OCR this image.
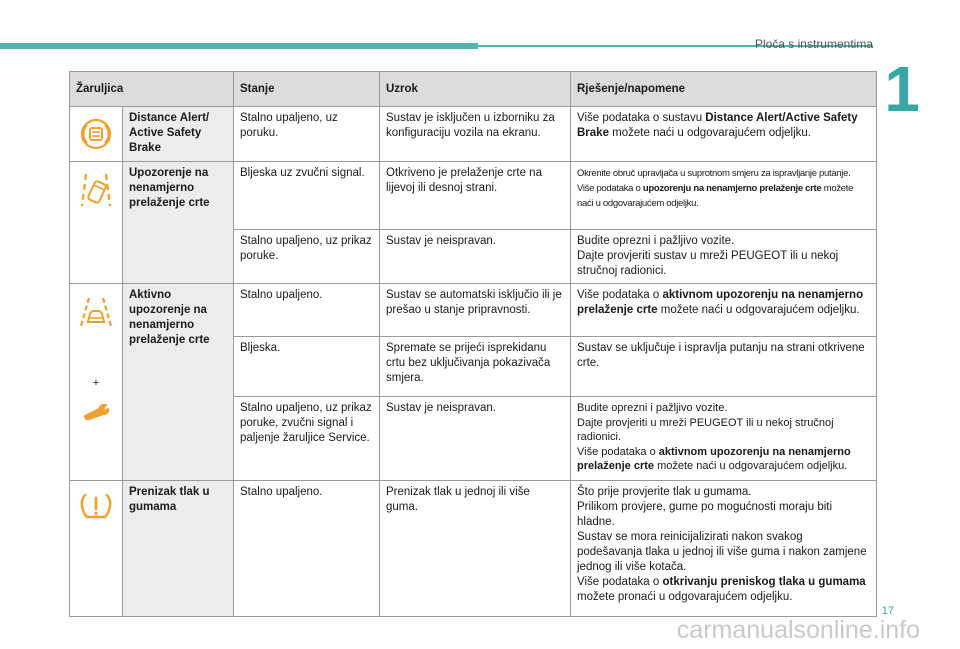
Ploča s instrumentima
1
Žaruljica		Stanje	Uzrok	Rješenje/napomene

	Distance Alert/ Active Safety Brake	Stalno upaljeno, uz poruku.	Sustav je isključen u izborniku za konfiguraciju vozila na ekranu.	Više podataka o sustavu Distance Alert/Active Safety Brake možete naći u odgovarajućem odjeljku.

	Upozorenje na nenamjerno prelaženje crte	Bljeska uz zvučni signal.	Otkriveno je prelaženje crte na lijevoj ili desnoj strani.	Okrenite obruč upravljača u suprotnom smjeru za ispravljanje putanje.
Više podataka o upozorenju na nenamjerno prelaženje crte možete naći u odgovarajućem odjeljku.
		Stalno upaljeno, uz prikaz poruke.	Sustav je neispravan.	Budite oprezni i pažljivo vozite.
Dajte provjeriti sustav u mreži PEUGEOT ili u nekoj stručnoj radionici.

+	Aktivno upozorenje na nenamjerno prelaženje crte	Stalno upaljeno.	Sustav se automatski isključio ili je prešao u stanje pripravnosti.	Više podataka o aktivnom upozorenju na nenamjerno prelaženje crte možete naći u odgovarajućem odjeljku.
		Bljeska.	Sprematе se prijeći isprekidanu crtu bez uključivanja pokazivača smjera.	Sustav se uključuje i ispravlja putanju na strani otkrivene crte.
		Stalno upaljeno, uz prikaz poruke, zvučni signal i paljenje žaruljice Service.	Sustav je neispravan.	Budite oprezni i pažljivo vozite.
Dajte provjeriti u mreži PEUGEOT ili u nekoj stručnoj radionici.
Više podataka o aktivnom upozorenju na nenamjerno prelaženje crte možete naći u odgovarajućem odjeljku.

	Prenizak tlak u gumama	Stalno upaljeno.	Prenizak tlak u jednoj ili više guma.	Što prije provjerite tlak u gumama.
Prilikom provjere, gume po mogućnosti moraju biti hladne.
Sustav se mora reinicijalizirati nakon svakog podešavanja tlaka u jednoj ili više guma i nakon zamjene jednog ili više kotača.
Više podataka o otkrivanju preniskog tlaka u gumama možete pronaći u odgovarajućem odjeljku.
17
carmanualsonline.info
